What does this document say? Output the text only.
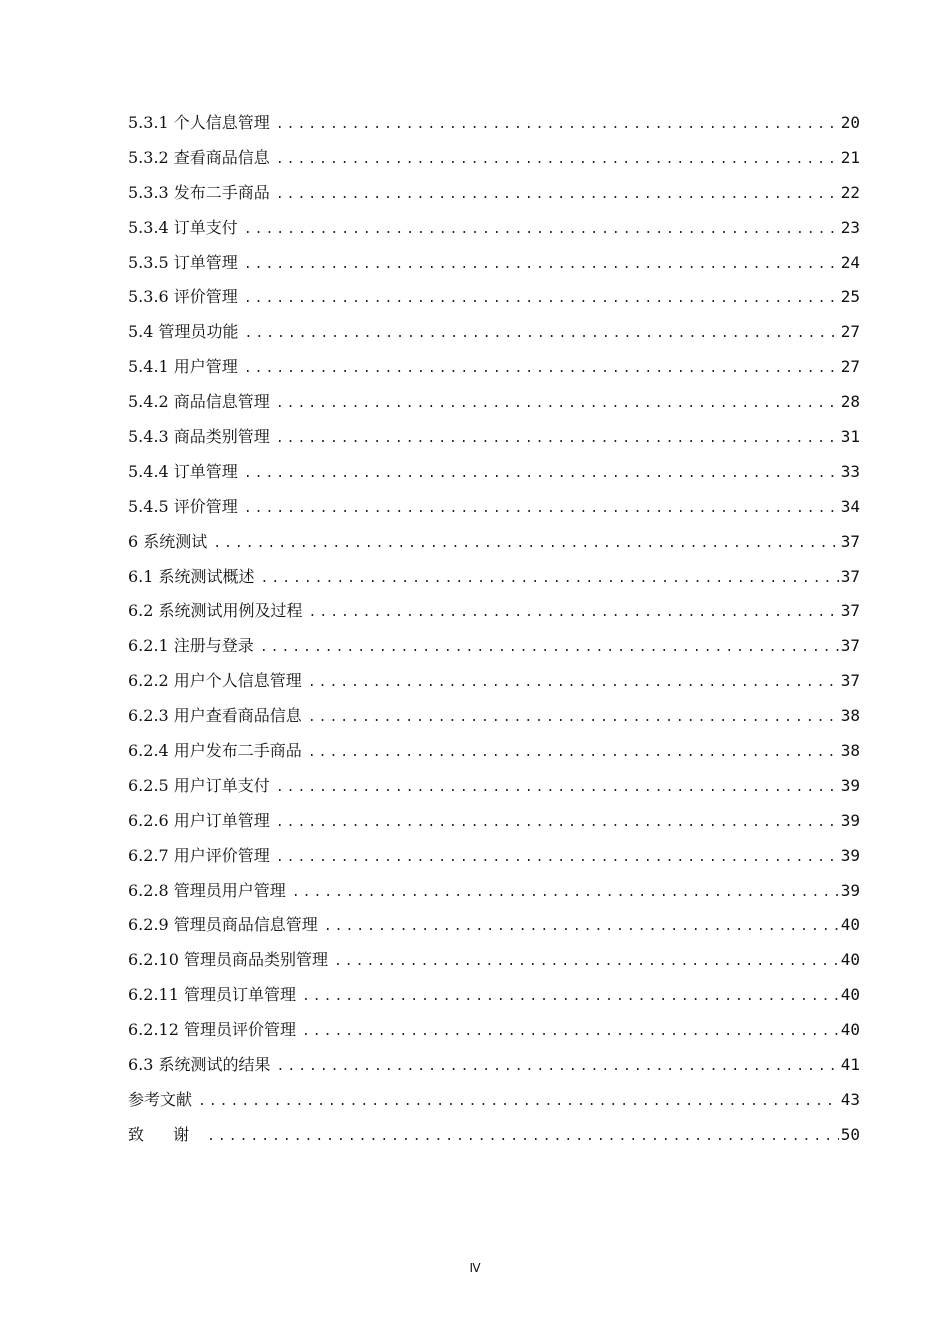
5.3.1 个人信息管理 .....	20
5.3.2 查看商品信息 .....	21
5.3.3 发布二手商品 .....	22
5.3.4 订单支付 .....	23
5.3.5 订单管理 .....	24
5.3.6 评价管理 .....	25
5.4 管理员功能 .....	27
5.4.1 用户管理 .....	27
5.4.2 商品信息管理 .....	28
5.4.3 商品类别管理 .....	31
5.4.4 订单管理 .....	33
5.4.5 评价管理 .....	34
6 系统测试 .....	37
6.1 系统测试概述 .....	37
6.2 系统测试用例及过程 .....	37
6.2.1 注册与登录 .....	37
6.2.2 用户个人信息管理 .....	37
6.2.3 用户查看商品信息 .....	38
6.2.4 用户发布二手商品 .....	38
6.2.5 用户订单支付 .....	39
6.2.6 用户订单管理 .....	39
6.2.7 用户评价管理 .....	39
6.2.8 管理员用户管理 .....	39
6.2.9 管理员商品信息管理 .....	40
6.2.10 管理员商品类别管理 .....	40
6.2.11 管理员订单管理 .....	40
6.2.12 管理员评价管理 .....	40
6.3 系统测试的结果 .....	41
参考文献 .....	43
致 谢 .....	50
Ⅳ
